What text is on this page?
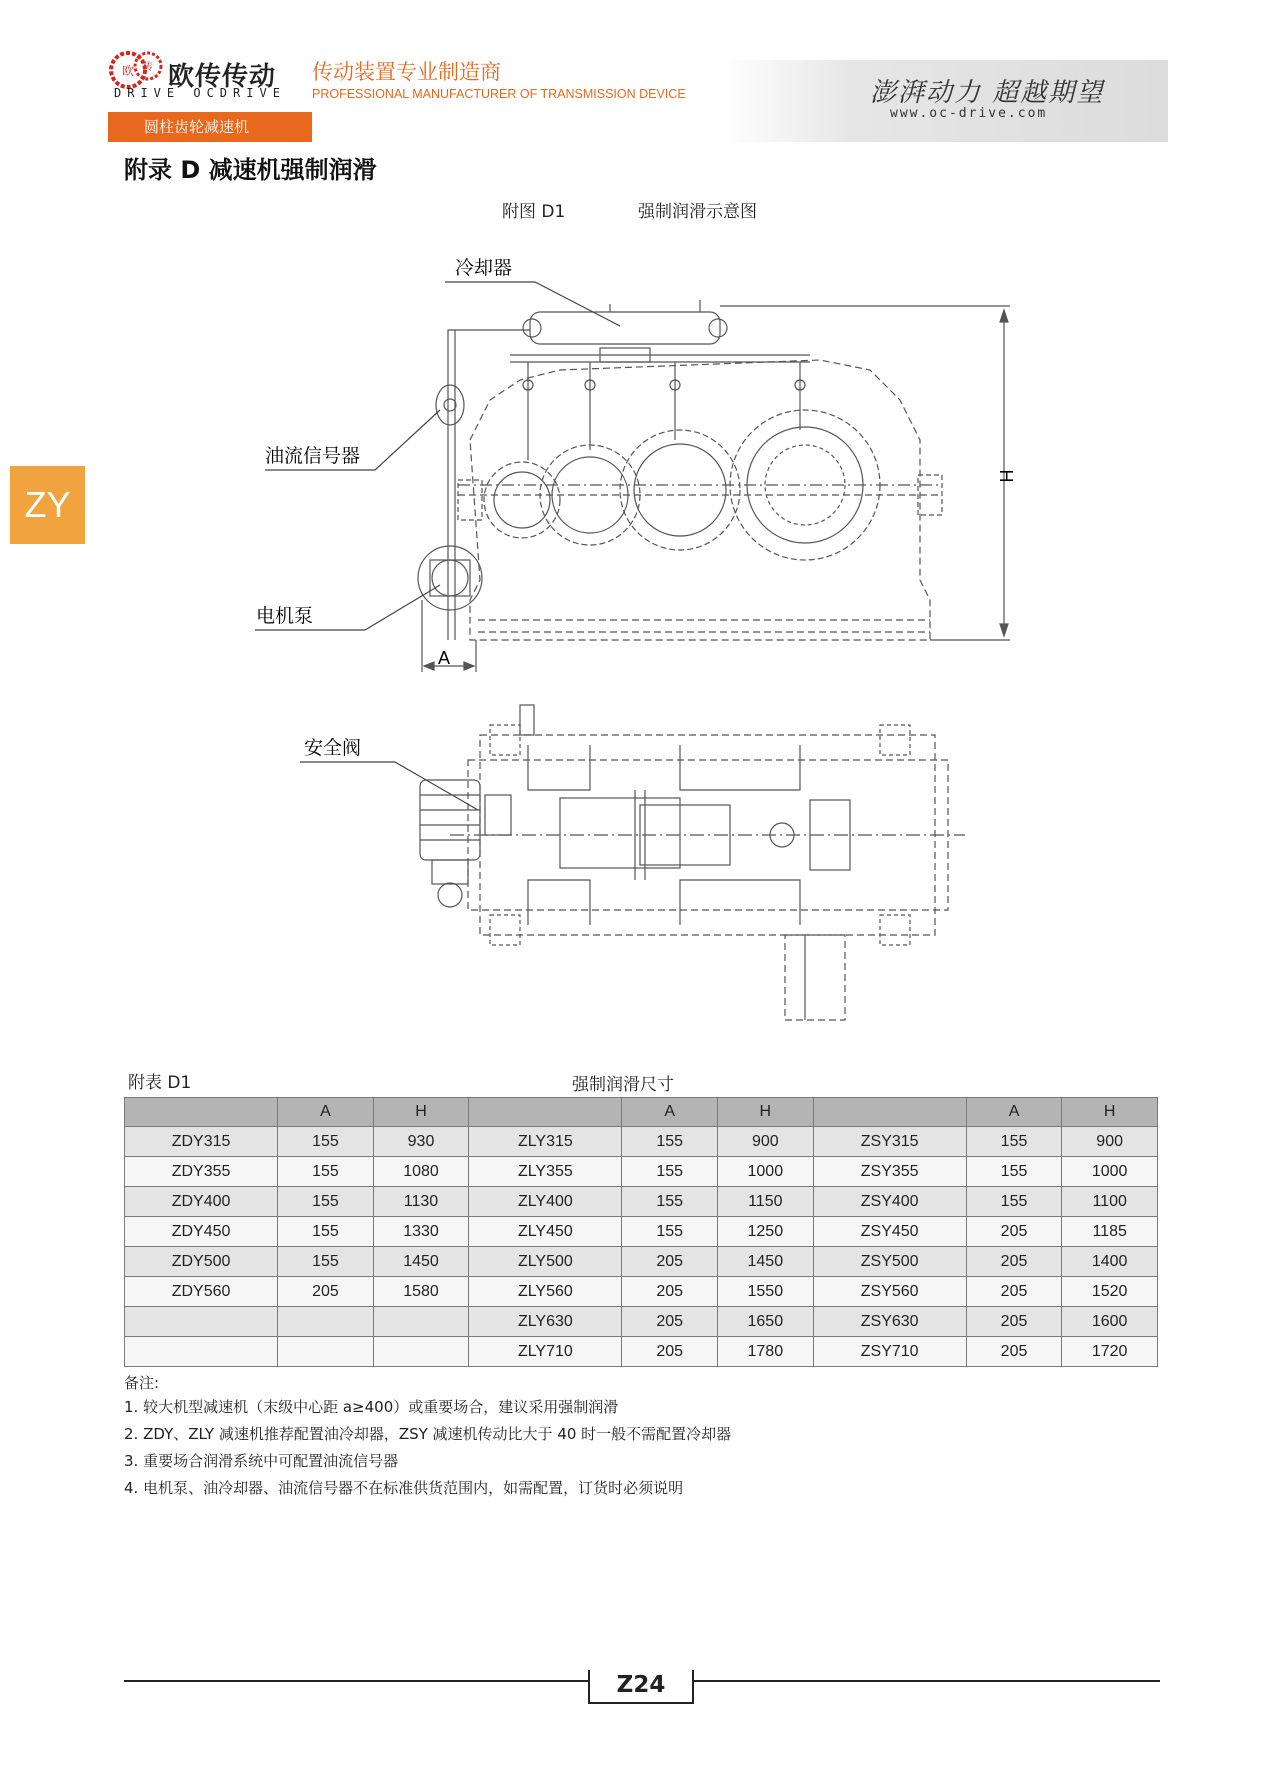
欧 传 欧传传动
DRIVE OCDRIVE
传动装置专业制造商
PROFESSIONAL MANUFACTURER OF TRANSMISSION DEVICE	澎湃动力 超越期望
www.oc-drive.com
圆柱齿轮减速机
ZY
附录 D 减速机强制润滑
附图 D1	强制润滑示意图
冷却器
油流信号器
电机泵
安全阀
A
H
附表 D1	强制润滑尺寸
	A	H		A	H		A	H
ZDY315	155	930	ZLY315	155	900	ZSY315	155	900
ZDY355	155	1080	ZLY355	155	1000	ZSY355	155	1000
ZDY400	155	1130	ZLY400	155	1150	ZSY400	155	1100
ZDY450	155	1330	ZLY450	155	1250	ZSY450	205	1185
ZDY500	155	1450	ZLY500	205	1450	ZSY500	205	1400
ZDY560	205	1580	ZLY560	205	1550	ZSY560	205	1520
			ZLY630	205	1650	ZSY630	205	1600
			ZLY710	205	1780	ZSY710	205	1720
备注:
1. 较大机型减速机（末级中心距 a≥400）或重要场合，建议采用强制润滑
2. ZDY、ZLY 减速机推荐配置油冷却器，ZSY 减速机传动比大于 40 时一般不需配置冷却器
3. 重要场合润滑系统中可配置油流信号器
4. 电机泵、油冷却器、油流信号器不在标准供货范围内，如需配置，订货时必须说明
Z24
